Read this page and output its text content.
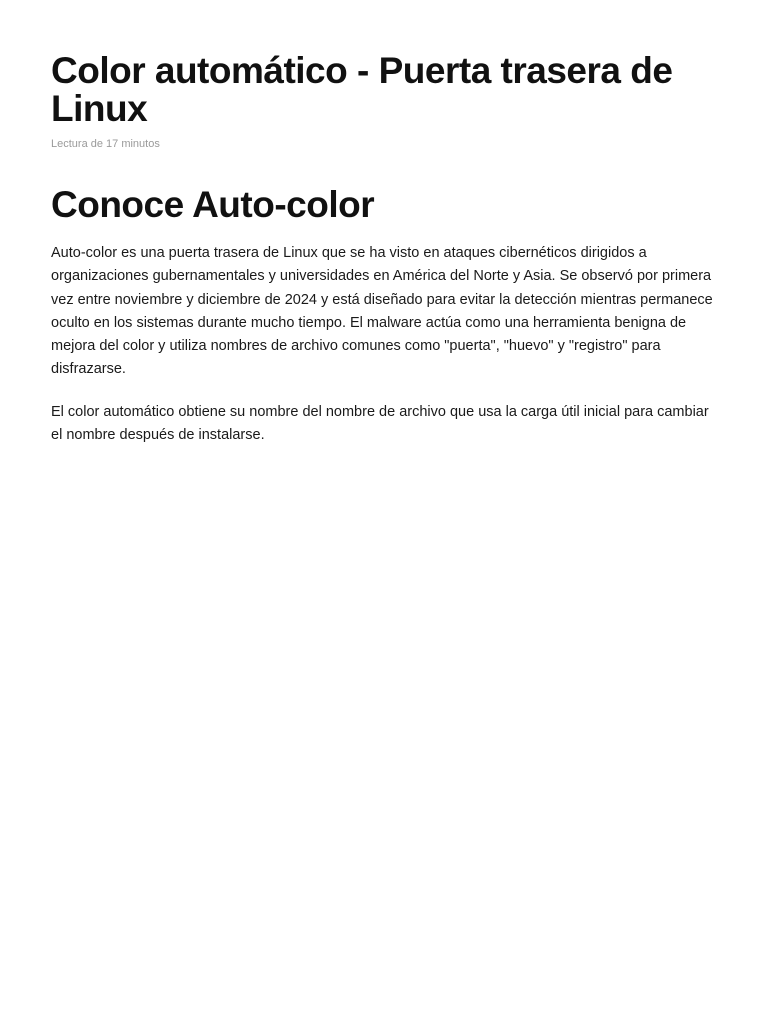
Color automático - Puerta trasera de Linux
Lectura de 17 minutos
Conoce Auto-color

Auto-color es una puerta trasera de Linux que se ha visto en ataques cibernéticos dirigidos a organizaciones gubernamentales y universidades en América del Norte y Asia. Se observó por primera vez entre noviembre y diciembre de 2024 y está diseñado para evitar la detección mientras permanece oculto en los sistemas durante mucho tiempo. El malware actúa como una herramienta benigna de mejora del color y utiliza nombres de archivo comunes como "puerta", "huevo" y "registro" para disfrazarse.

El color automático obtiene su nombre del nombre de archivo que usa la carga útil inicial para cambiar el nombre después de instalarse.
